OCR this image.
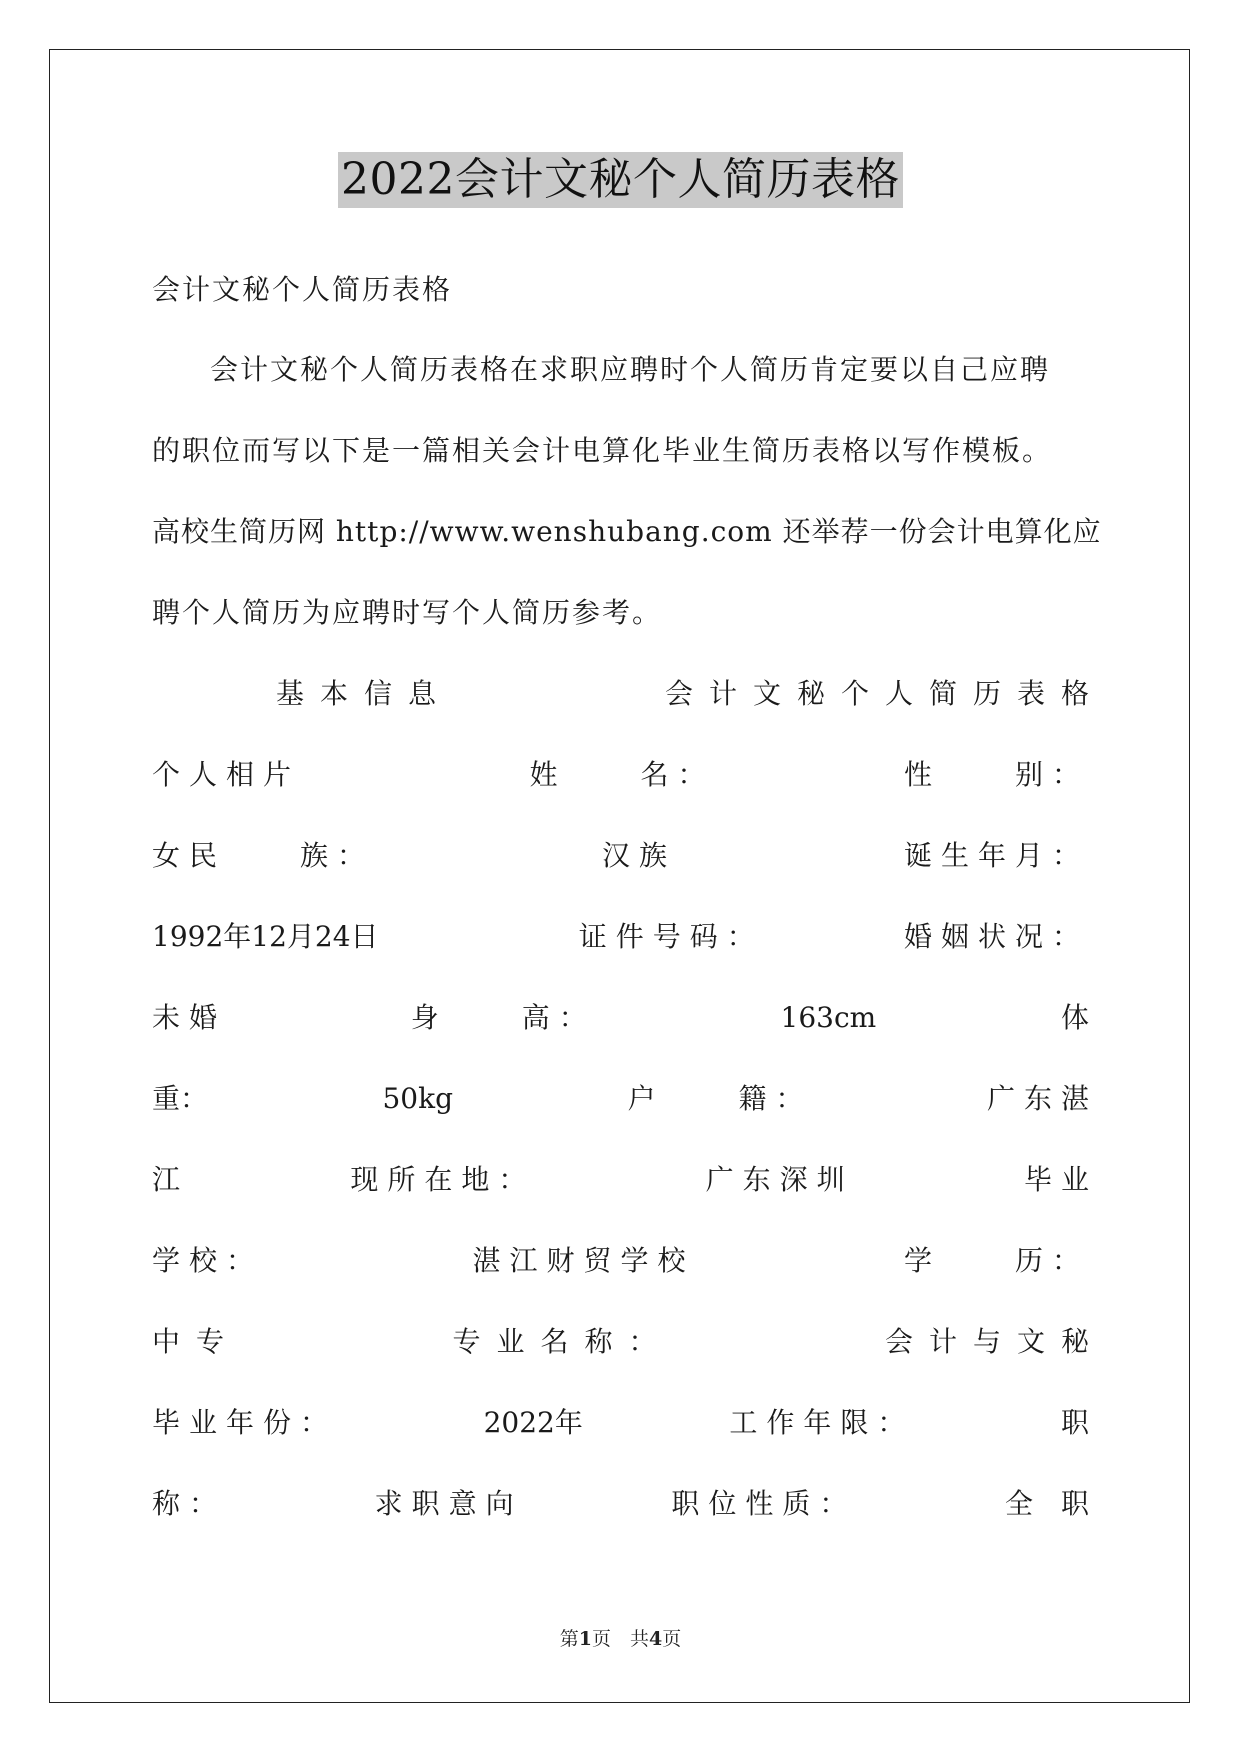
2022会计文秘个人简历表格
会计文秘个人简历表格
会计文秘个人简历表格在求职应聘时个人简历肯定要以自己应聘
的职位而写以下是一篇相关会计电算化毕业生简历表格以写作模板。
高校生简历网 http://www.wenshubang.com 还举荐一份会计电算化应
聘个人简历为应聘时写个人简历参考。
基本信息	会计文秘个人简历表格
个人相片	姓　　名：	性　　别：
女民　　族：	汉族	诞生年月：
1992年12月24日	证件号码：	婚姻状况：
未婚	身　　高：	163cm	体
重：	50kg	户　　籍：	广东湛
江	现所在地：	广东深圳	毕业
学校：	湛江财贸学校	学　　历：
中专	专业名称：	会计与文秘
毕业年份：	2022年	工作年限：	职
称：	求职意向	职位性质：	全　职
第1页　共4页
